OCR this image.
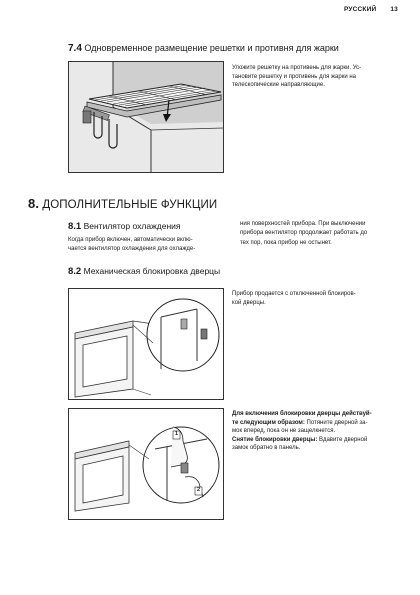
РУССКИЙ 13
7.4 Одновременное размещение решетки и противня для жарки
Уложите решетку на противень для жарки. Ус-
тановите решетку и противень для жарки на
телескопические направляющие.
8. ДОПОЛНИТЕЛЬНЫЕ ФУНКЦИИ
8.1 Вентилятор охлаждения
Когда прибор включен, автоматически вклю-
чается вентилятор охлаждения для охлажде-
ния поверхностей прибора. При выключении
прибора вентилятор продолжает работать до
тех пор, пока прибор не остынет.
8.2 Механическая блокировка дверцы
Прибор продается с отключенной блокиров-
кой дверцы.
1
2
Для включения блокировки дверцы действуй-
те следующим образом: Потяните дверной за-
мок вперед, пока он не защелкнется.
Снятие блокировки дверцы: Вдавите дверной
замок обратно в панель.
